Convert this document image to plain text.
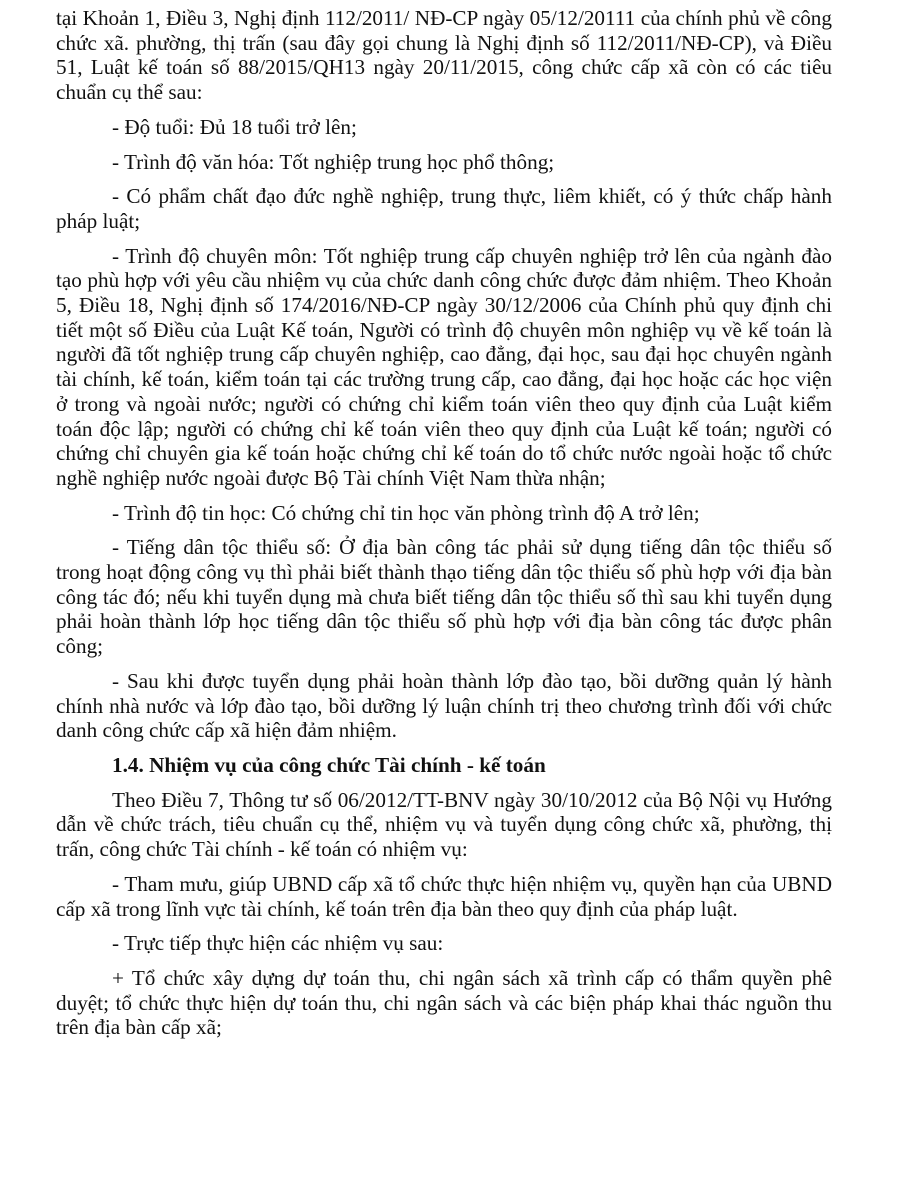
tại Khoản 1, Điều 3, Nghị định 112/2011/ NĐ-CP ngày 05/12/20111 của chính phủ về công chức xã. phường, thị trấn (sau đây gọi chung là Nghị định số 112/2011/NĐ-CP), và Điều 51, Luật kế toán số 88/2015/QH13 ngày 20/11/2015, công chức cấp xã còn có các tiêu chuẩn cụ thể sau:

- Độ tuổi: Đủ 18 tuổi trở lên;

- Trình độ văn hóa: Tốt nghiệp trung học phổ thông;

- Có phẩm chất đạo đức nghề nghiệp, trung thực, liêm khiết, có ý thức chấp hành pháp luật;

- Trình độ chuyên môn: Tốt nghiệp trung cấp chuyên nghiệp trở lên của ngành đào tạo phù hợp với yêu cầu nhiệm vụ của chức danh công chức được đảm nhiệm. Theo Khoản 5, Điều 18, Nghị định số 174/2016/NĐ-CP ngày 30/12/2006 của Chính phủ quy định chi tiết một số Điều của Luật Kế toán, Người có trình độ chuyên môn nghiệp vụ về kế toán là người đã tốt nghiệp trung cấp chuyên nghiệp, cao đẳng, đại học, sau đại học chuyên ngành tài chính, kế toán, kiểm toán tại các trường trung cấp, cao đẳng, đại học hoặc các học viện ở trong và ngoài nước; người có chứng chỉ kiểm toán viên theo quy định của Luật kiểm toán độc lập; người có chứng chỉ kế toán viên theo quy định của Luật kế toán; người có chứng chỉ chuyên gia kế toán hoặc chứng chỉ kế toán do tổ chức nước ngoài hoặc tổ chức nghề nghiệp nước ngoài được Bộ Tài chính Việt Nam thừa nhận;

- Trình độ tin học: Có chứng chỉ tin học văn phòng trình độ A trở lên;

- Tiếng dân tộc thiểu số: Ở địa bàn công tác phải sử dụng tiếng dân tộc thiểu số trong hoạt động công vụ thì phải biết thành thạo tiếng dân tộc thiểu số phù hợp với địa bàn công tác đó; nếu khi tuyển dụng mà chưa biết tiếng dân tộc thiểu số thì sau khi tuyển dụng phải hoàn thành lớp học tiếng dân tộc thiểu số phù hợp với địa bàn công tác được phân công;

- Sau khi được tuyển dụng phải hoàn thành lớp đào tạo, bồi dưỡng quản lý hành chính nhà nước và lớp đào tạo, bồi dưỡng lý luận chính trị theo chương trình đối với chức danh công chức cấp xã hiện đảm nhiệm.

1.4. Nhiệm vụ của công chức Tài chính - kế toán

Theo Điều 7, Thông tư số 06/2012/TT-BNV ngày 30/10/2012 của Bộ Nội vụ Hướng dẫn về chức trách, tiêu chuẩn cụ thể, nhiệm vụ và tuyển dụng công chức xã, phường, thị trấn, công chức Tài chính - kế toán có nhiệm vụ:

- Tham mưu, giúp UBND cấp xã tổ chức thực hiện nhiệm vụ, quyền hạn của UBND cấp xã trong lĩnh vực tài chính, kế toán trên địa bàn theo quy định của pháp luật.

- Trực tiếp thực hiện các nhiệm vụ sau:

+ Tổ chức xây dựng dự toán thu, chi ngân sách xã trình cấp có thẩm quyền phê duyệt; tổ chức thực hiện dự toán thu, chi ngân sách và các biện pháp khai thác nguồn thu trên địa bàn cấp xã;
